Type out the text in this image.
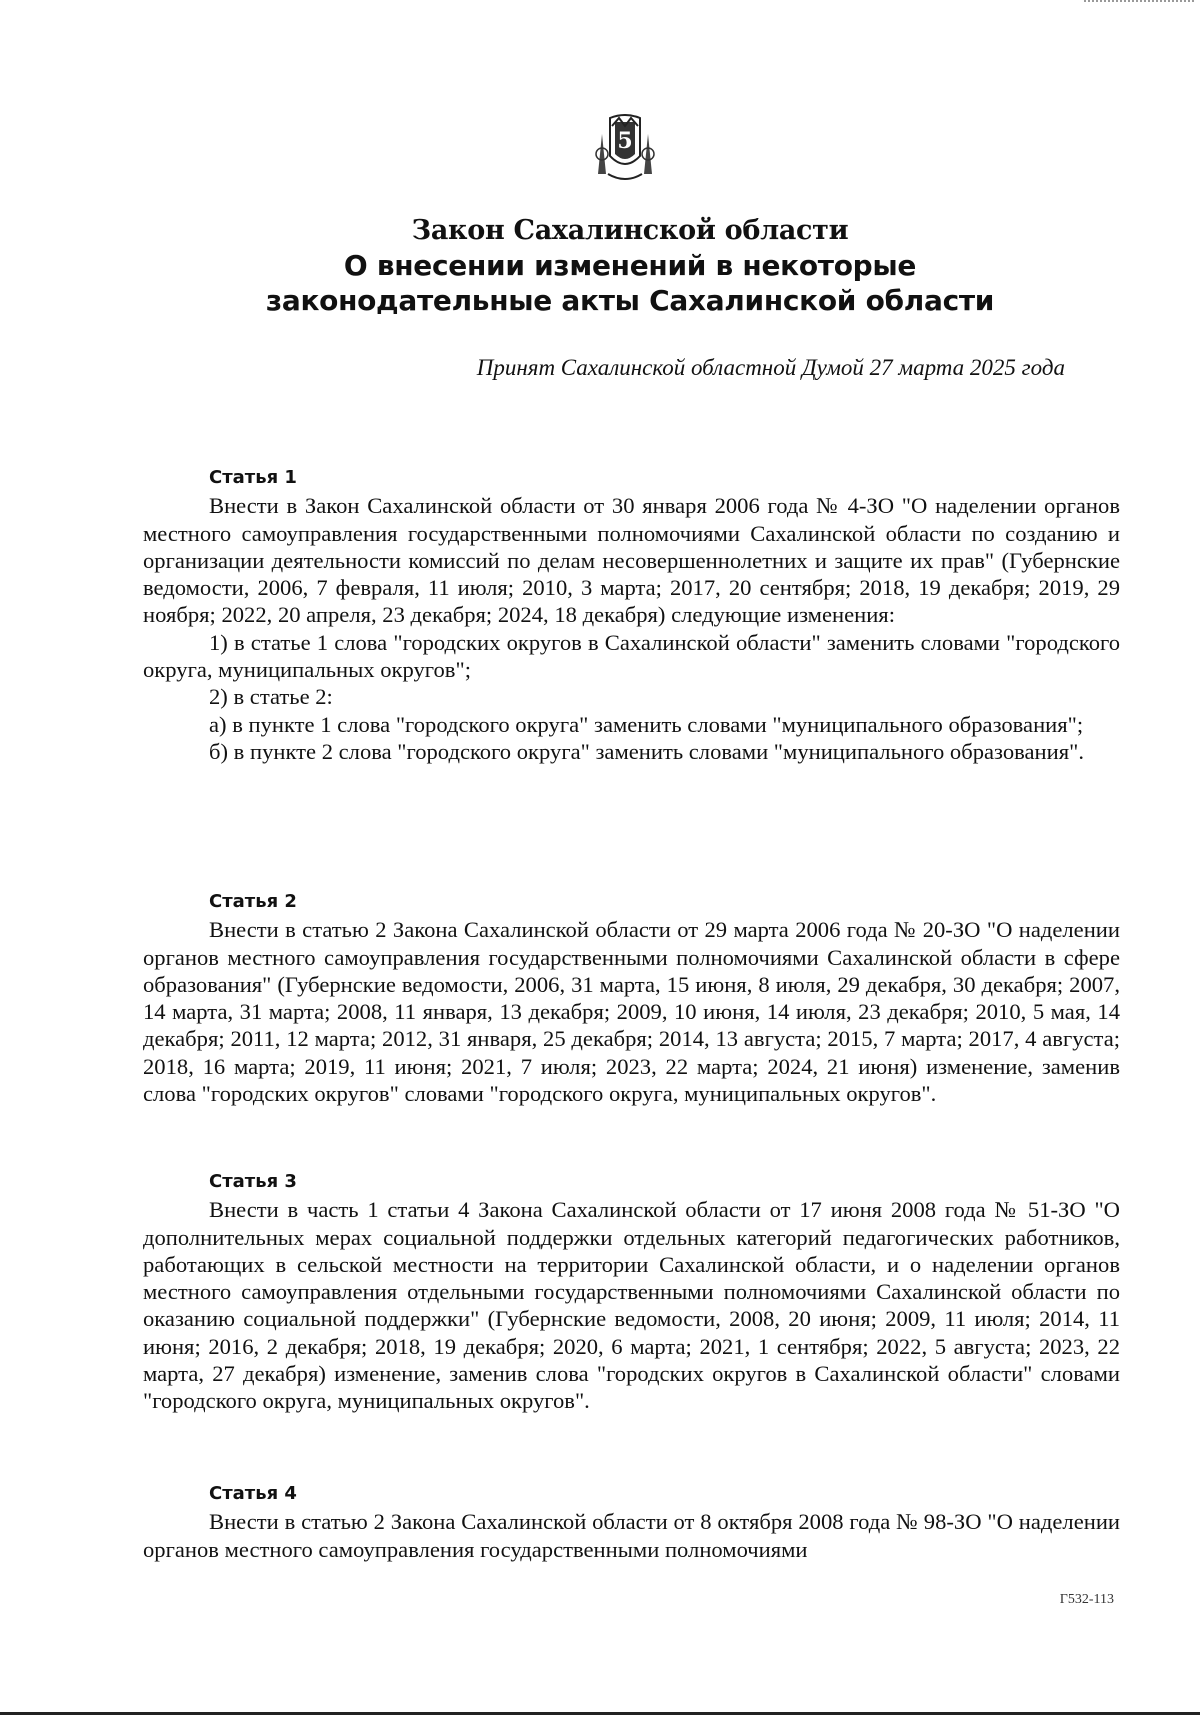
5
Закон Сахалинской области
О внесении изменений в некоторые
законодательные акты Сахалинской области
Принят Сахалинской областной Думой 27 марта 2025 года
Статья 1

Внести в Закон Сахалинской области от 30 января 2006 года № 4-ЗО "О наделении органов местного самоуправления государственными полномочиями Сахалинской области по созданию и организации деятельности комиссий по делам несовершеннолетних и защите их прав" (Губернские ведомости, 2006, 7 февраля, 11 июля; 2010, 3 марта; 2017, 20 сентября; 2018, 19 декабря; 2019, 29 ноября; 2022, 20 апреля, 23 декабря; 2024, 18 декабря) следующие изменения:

1) в статье 1 слова "городских округов в Сахалинской области" заменить словами "городского округа, муниципальных округов";

2) в статье 2:

а) в пункте 1 слова "городского округа" заменить словами "муниципального образования";

б) в пункте 2 слова "городского округа" заменить словами "муниципального образования".

Статья 2

Внести в статью 2 Закона Сахалинской области от 29 марта 2006 года № 20-ЗО "О наделении органов местного самоуправления государственными полномочиями Сахалинской области в сфере образования" (Губернские ведомости, 2006, 31 марта, 15 июня, 8 июля, 29 декабря, 30 декабря; 2007, 14 марта, 31 марта; 2008, 11 января, 13 декабря; 2009, 10 июня, 14 июля, 23 декабря; 2010, 5 мая, 14 декабря; 2011, 12 марта; 2012, 31 января, 25 декабря; 2014, 13 августа; 2015, 7 марта; 2017, 4 августа; 2018, 16 марта; 2019, 11 июня; 2021, 7 июля; 2023, 22 марта; 2024, 21 июня) изменение, заменив слова "городских округов" словами "городского округа, муниципальных округов".

Статья 3

Внести в часть 1 статьи 4 Закона Сахалинской области от 17 июня 2008 года № 51-ЗО "О дополнительных мерах социальной поддержки отдельных категорий педагогических работников, работающих в сельской местности на территории Сахалинской области, и о наделении органов местного самоуправления отдельными государственными полномочиями Сахалинской области по оказанию социальной поддержки" (Губернские ведомости, 2008, 20 июня; 2009, 11 июля; 2014, 11 июня; 2016, 2 декабря; 2018, 19 декабря; 2020, 6 марта; 2021, 1 сентября; 2022, 5 августа; 2023, 22 марта, 27 декабря) изменение, заменив слова "городских округов в Сахалинской области" словами "городского округа, муниципальных округов".

Статья 4

Внести в статью 2 Закона Сахалинской области от 8 октября 2008 года № 98-ЗО "О наделении органов местного самоуправления государственными полномочиями

Г532-113
